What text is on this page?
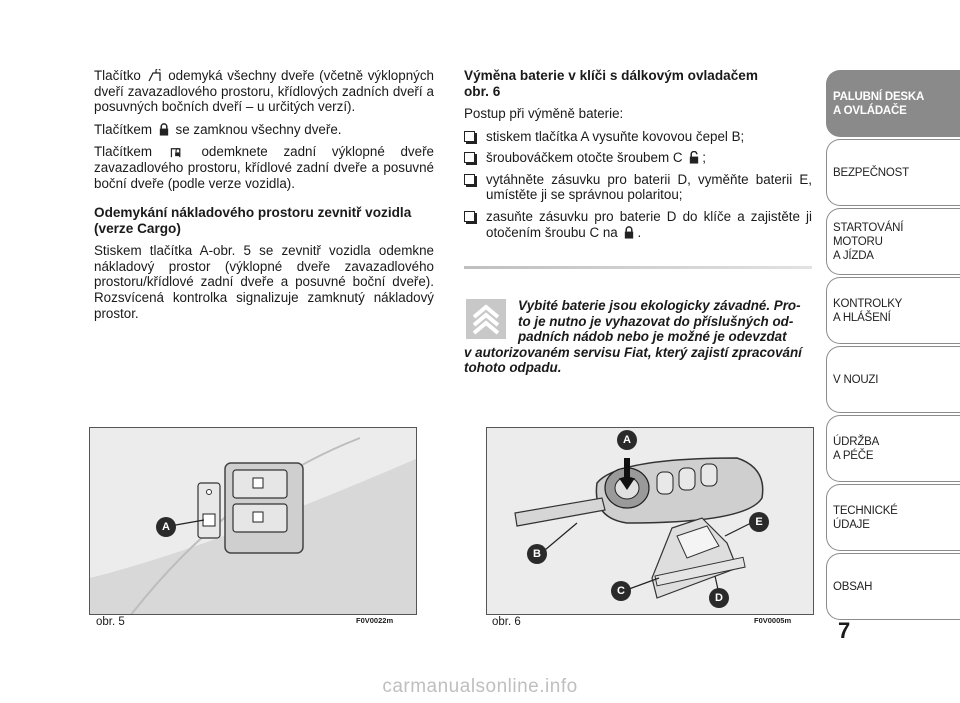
Tlačítko odemyká všechny dveře (včetně výklopných dveří zavazadlového prostoru, křídlových zadních dveří a posuvných bočních dveří – u určitých verzí).

Tlačítkem se zamknou všechny dveře.

Tlačítkem	odemknete zadní výklopné dveře zavazadlového prostoru, křídlové zadní dveře a posuvné boční dveře (podle verze vozidla).

Odemykání nákladového prostoru zevnitř vozidla (verze Cargo)

Stiskem tlačítka A-obr. 5 se zevnitř vozidla odemkne nákladový prostor (výklopné dveře zavazadlového prostoru/křídlové zadní dveře a posuvné boční dveře). Rozsvícená kontrolka signalizuje zamknutý nákladový prostor.

Výměna baterie v klíči s dálkovým ovladačem obr. 6

Postup při výměně baterie:

stiskem tlačítka A vysuňte kovovou čepel B;
šroubováčkem otočte šroubem C ;
vytáhněte zásuvku pro baterii D, vyměňte baterii E, umístěte ji se správnou polaritou;
zasuňte zásuvku pro baterie D do klíče a zajistěte ji otočením šroubu C na .
Vybité baterie jsou ekologicky závadné. Pro-
to je nutno je vyhazovat do příslušných od-
padních nádob nebo je možné je odevzdat
v autorizovaném servisu Fiat, který zajistí zpracování tohoto odpadu.
A
obr. 5	F0V0022m
A
B
C
D
E
obr. 6	F0V0005m
PALUBNÍ DESKA
A OVLÁDAČE
BEZPEČNOST
STARTOVÁNÍ
MOTORU
A JÍZDA
KONTROLKY
A HLÁŠENÍ
V NOUZI
ÚDRŽBA
A PÉČE
TECHNICKÉ
ÚDAJE
OBSAH
7
carmanualsonline.info
